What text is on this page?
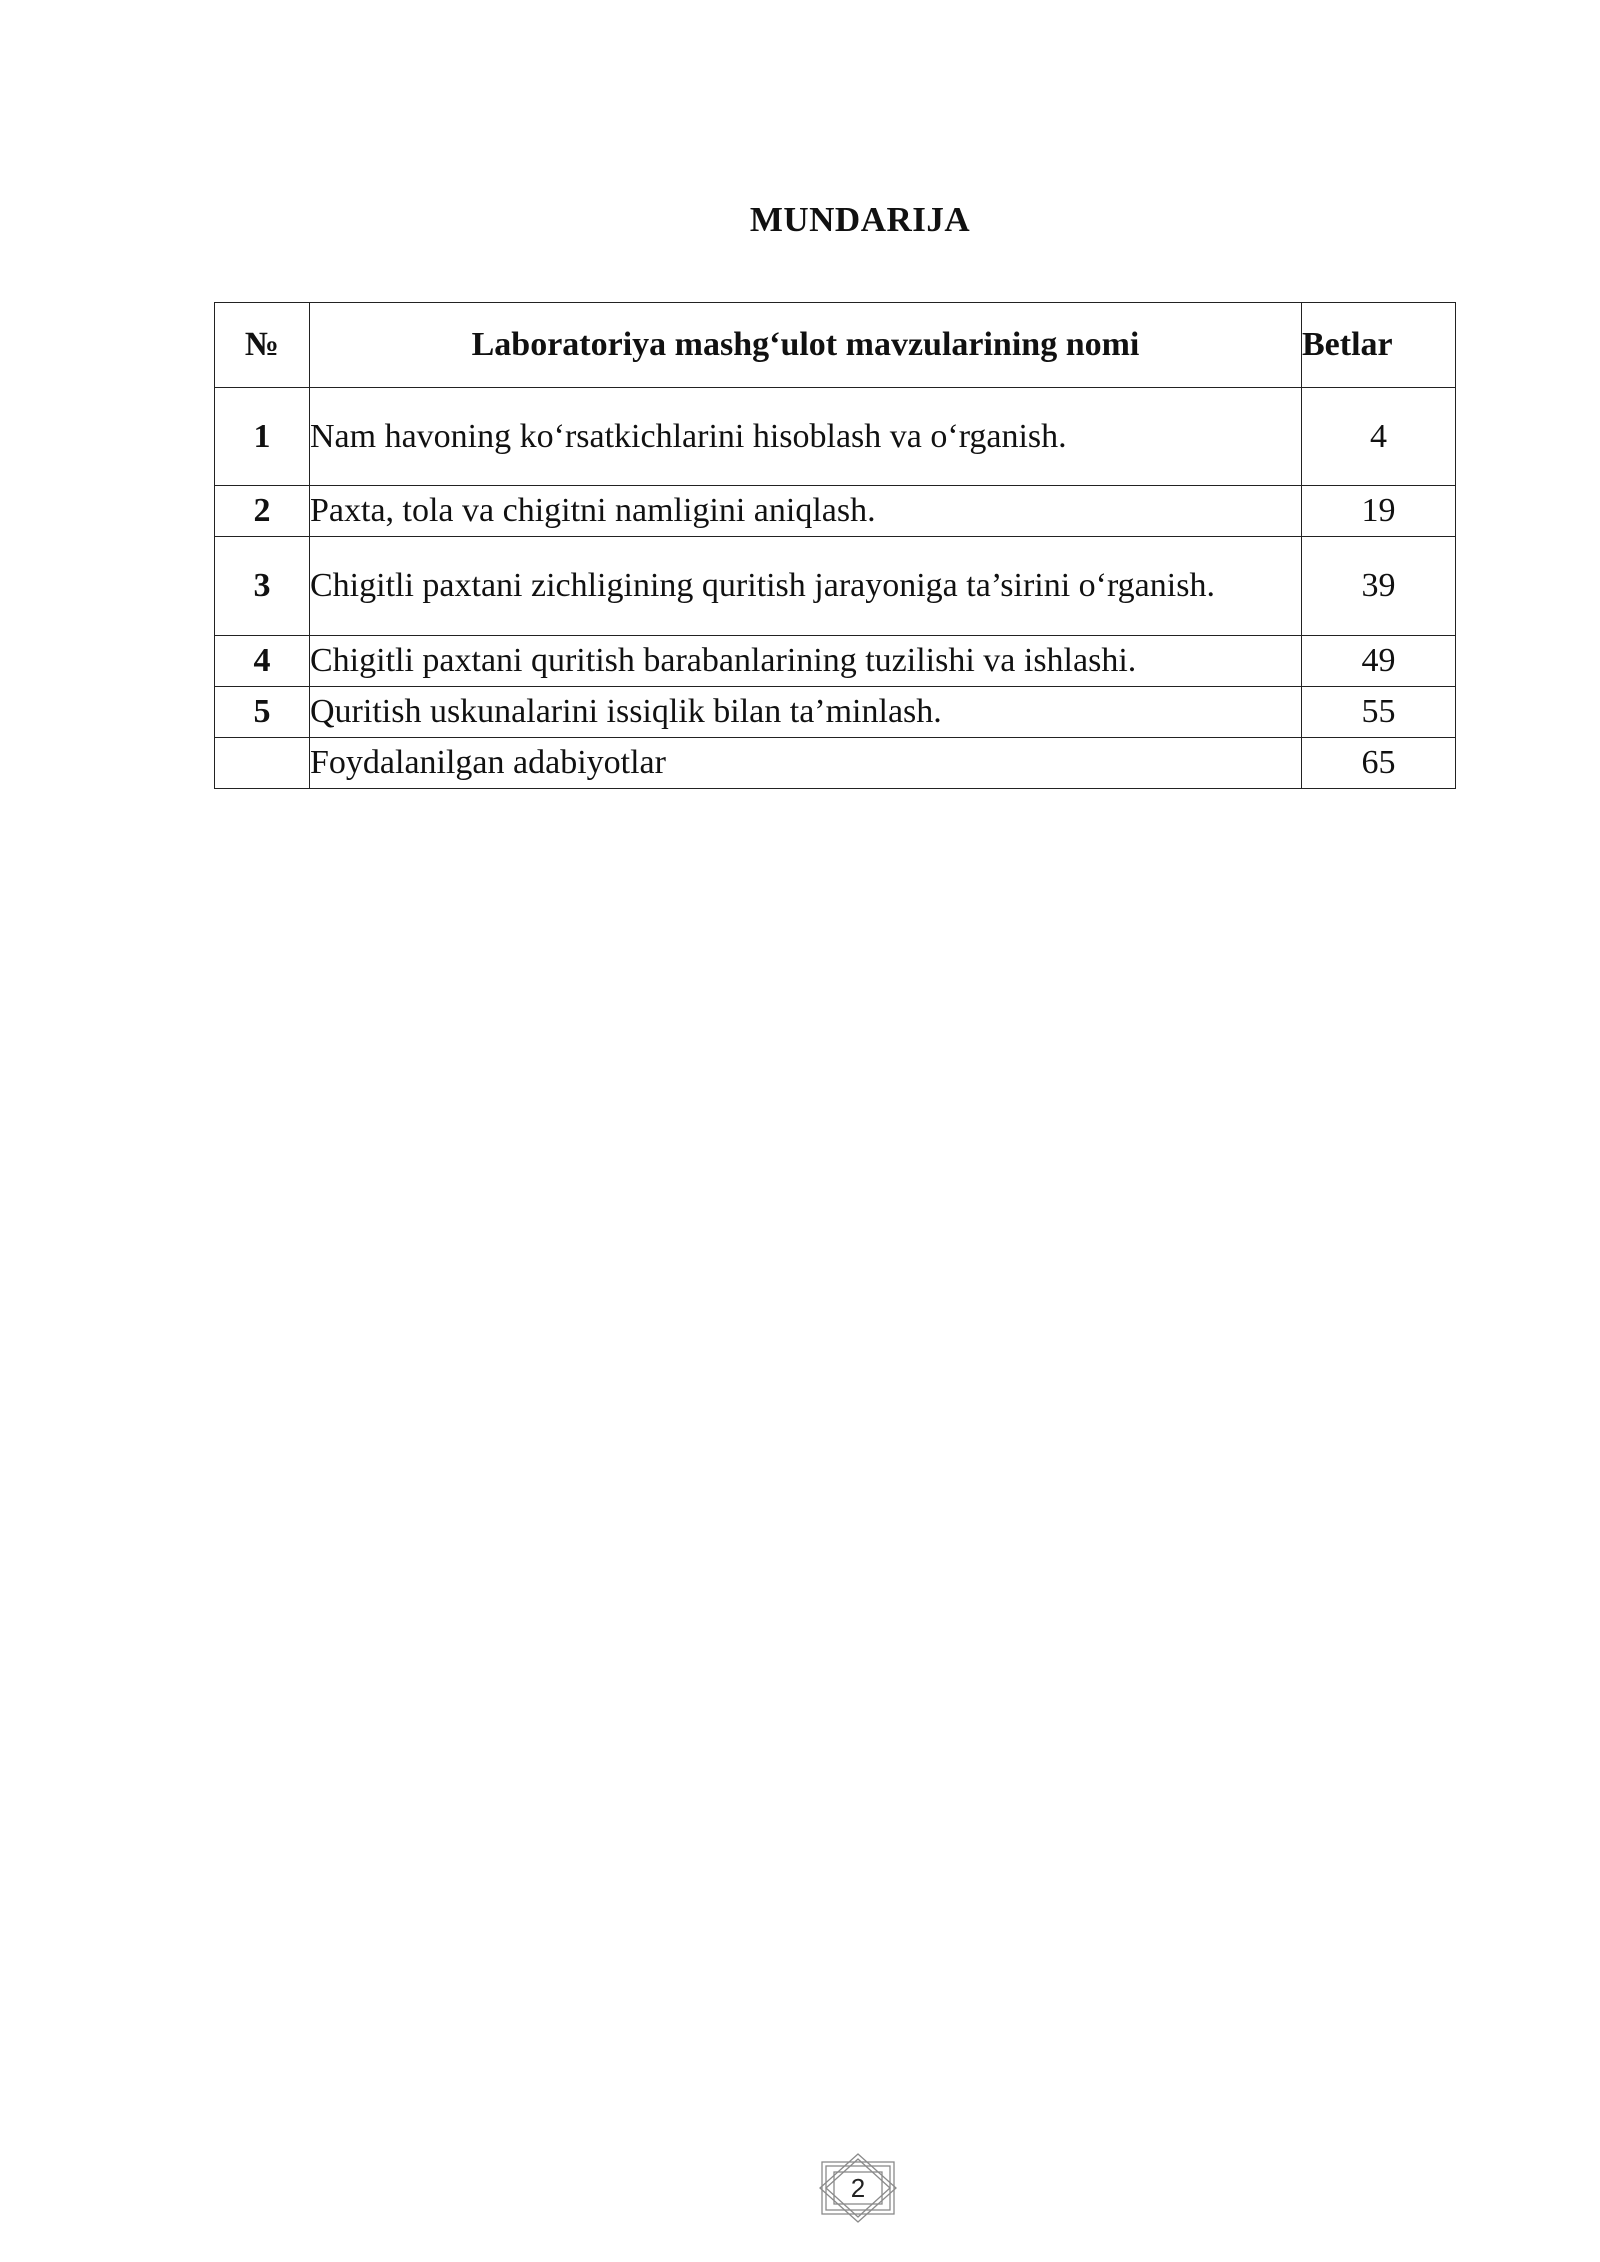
MUNDARIJA
№	Laboratoriya mashg‘ulot mavzularining nomi	Betlar
1	Nam havoning ko‘rsatkichlarini hisoblash va o‘rganish.	4
2	Paxta, tola va chigitni namligini aniqlash.	19
3	Chigitli paxtani zichligining quritish jarayoniga ta’sirini o‘rganish.	39
4	Chigitli paxtani quritish barabanlarining tuzilishi va ishlashi.	49
5	Quritish uskunalarini issiqlik bilan ta’minlash.	55
	Foydalanilgan adabiyotlar	65
2
